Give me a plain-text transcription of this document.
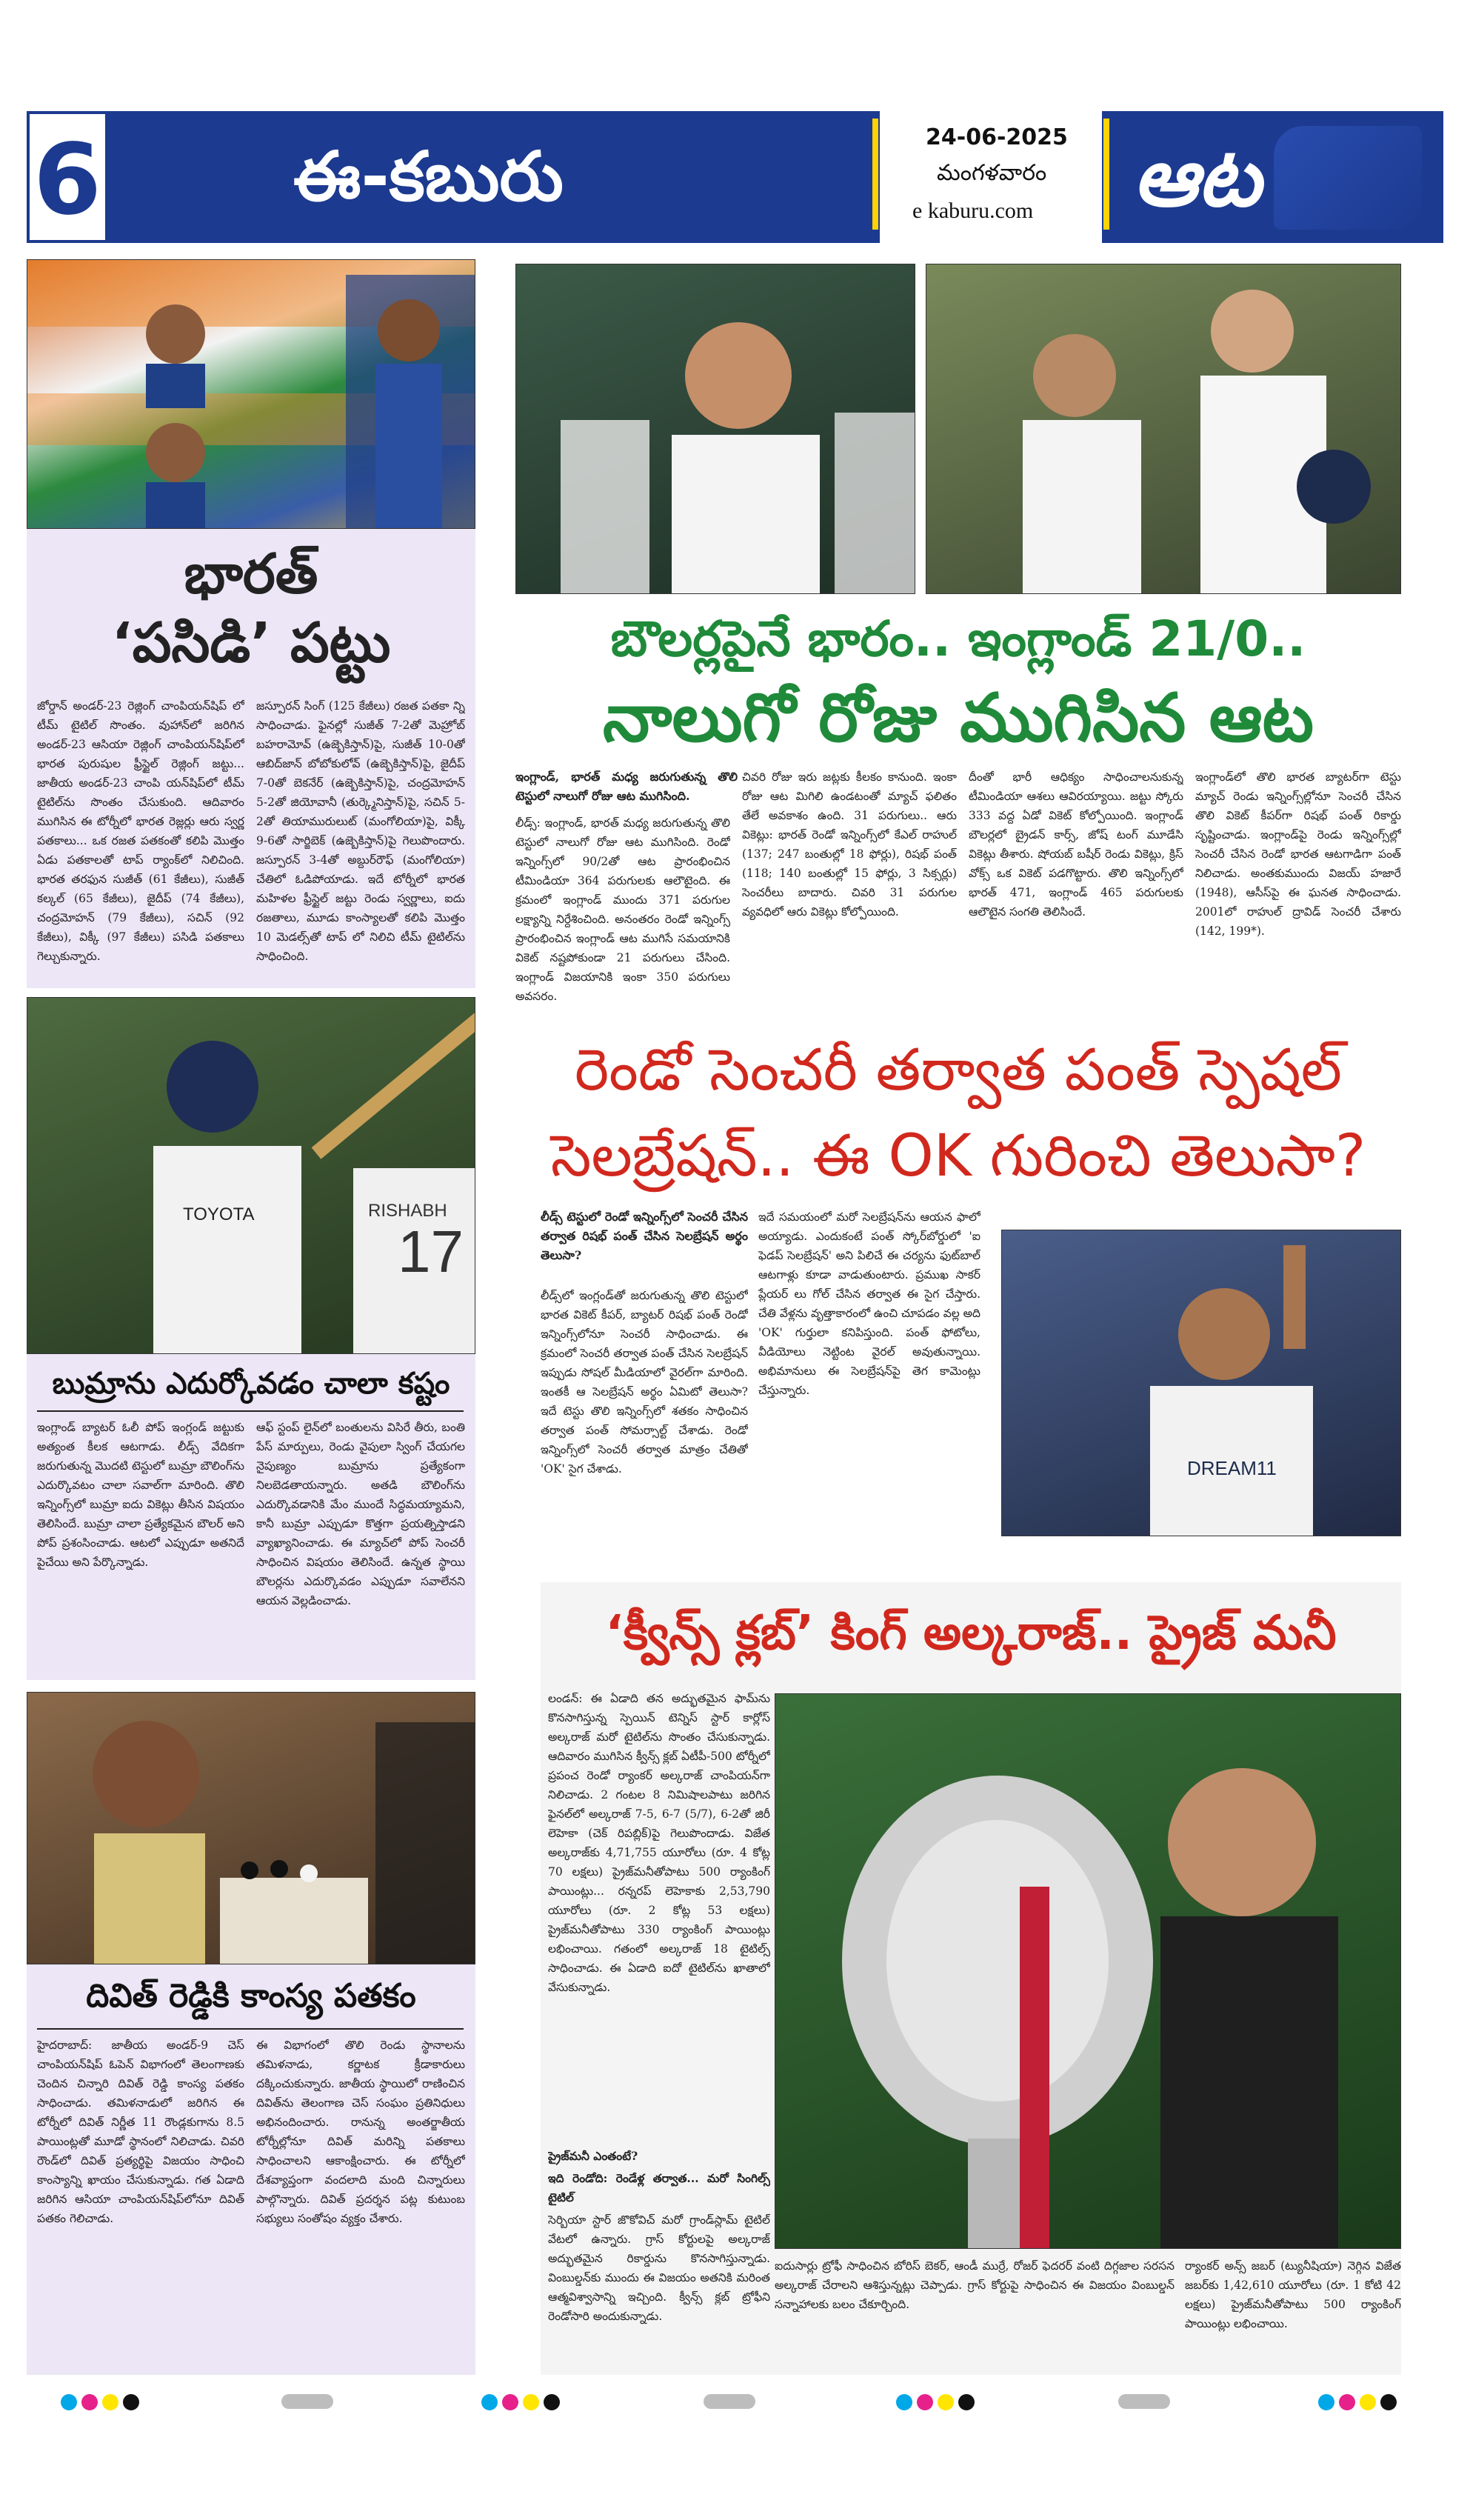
6	ఈ-కబురు	24-06-2025
మంగళవారం
e kaburu.com ఆట
భారత్
‘పసిడి’ పట్టు
జోర్డాన్ ‌అండర్-23 రెజ్లింగ్ చాంపియన్‌షిప్ లో టీమ్ టైటిల్ సొంతం. వుహాన్‌లో జరిగిన అండర్-23 ఆసియా రెజ్లింగ్ చాంపియన్‌షిప్‌లో భారత పురుషుల ఫ్రీస్టైల్ రెజ్లింగ్ జట్టు... జాతీయ అండర్-23 చాంపి యన్‌షిప్‌లో టీమ్ టైటిల్‌ను సొంతం చేసుకుంది. ఆదివారం ముగిసిన ఈ టోర్నీలో భారత రెజ్లర్లు ఆరు స్వర్ణ పతకాలు... ఒక రజత పతకంతో కలిపి మొత్తం ఏడు పతకాలతో టాప్ ర్యాంక్‌లో నిలిచింది. భారత తరఫున సుజీత్ (61 కేజీలు), సుజీత్ కల్కల్ (65 కేజీలు), జైదీప్ (74 కేజీలు), చంద్రమోహన్ (79 కేజీలు), సచిన్ (92 కేజీలు), విక్కీ (97 కేజీలు) పసిడి పతకాలు గెల్చుకున్నారు.
జస్పూరన్ సింగ్ (125 కేజీలు) రజత పతకా న్ని సాధించాడు. ఫైనల్లో సుజీత్ 7-2తో మెహ్రోబ్ బహరామోవ్ (ఉజ్బెకిస్తాన్)పై, సుజీత్ 10-0తో ఆబిద్‌జాన్ బోబోకులోవ్ (ఉజ్బెకిస్తాన్)పై, జైదీప్ 7-0తో బెకనేర్ (ఉజ్బెకిస్తాన్)పై, చంద్రమోహన్ 5-2తో జియోవానీ (తుర్క్మెనిస్తాన్)పై, సచిన్ 5-2తో తియామురులుట్ (మంగోలియా)పై, విక్కీ 9-6తో సార్జిబెక్ (ఉజ్బెకిస్తాన్)పై గెలుపొందారు. జస్పూరన్ 3-4తో అబ్దుర్‌రౌఫ్ (మంగోలియా) చేతిలో ఓడిపోయాడు. ఇదే టోర్నీలో భారత మహిళల ఫ్రీస్టైల్ జట్టు రెండు స్వర్ణాలు, ఐదు రజతాలు, మూడు కాంస్యాలతో కలిపి మొత్తం 10 మెడల్స్‌తో టాప్ లో నిలిచి టీమ్ టైటిల్‌ను సాధించింది.
TOYOTA	RISHABH
17
బుమ్రాను ఎదుర్కోవడం చాలా కష్టం
ఇంగ్లాండ్ బ్యాటర్ ఓలీ పోప్ ఇంగ్లండ్ జట్టుకు అత్యంత కీలక ఆటగాడు. లీడ్స్ వేదికగా జరుగుతున్న మొదటి టెస్టులో బుమ్రా బౌలింగ్‌ను ఎదుర్కొవటం చాలా సవాల్‌గా మారింది. తొలి ఇన్నింగ్స్‌లో బుమ్రా ఐదు వికెట్లు తీసిన విషయం తెలిసిందే. బుమ్రా చాలా ప్రత్యేకమైన బౌలర్ అని పోప్ ప్రశంసించాడు. ఆటలో ఎప్పుడూ అతనిదే పైచేయి అని పేర్కొన్నాడు.
ఆఫ్ స్టంప్ లైన్‌లో బంతులను విసిరే తీరు, బంతి పేస్ మార్పులు, రెండు వైపులా స్వింగ్ చేయగల నైపుణ్యం బుమ్రాను ప్రత్యేకంగా నిలబెడతాయన్నారు. అతడి బౌలింగ్‌ను ఎదుర్కొవడానికి మేం ముందే సిద్ధమయ్యామని, కానీ బుమ్రా ఎప్పుడూ కొత్తగా ప్రయత్నిస్తాడని వ్యాఖ్యానించాడు. ఈ మ్యాచ్‌లో పోప్ సెంచరీ సాధించిన విషయం తెలిసిందే. ఉన్నత స్థాయి బౌలర్లను ఎదుర్కొవడం ఎప్పుడూ సవాలేనని ఆయన వెల్లడించాడు.
దివిత్ రెడ్డికి కాంస్య పతకం
హైదరాబాద్: జాతీయ అండర్-9 చెస్ చాంపియన్‌షిప్ ఓపెన్ విభాగంలో తెలంగాణకు చెందిన చిన్నారి దివిత్ రెడ్డి కాంస్య పతకం సాధించాడు. తమిళనాడులో జరిగిన ఈ టోర్నీలో దివిత్ నిర్ణీత 11 రౌండ్లకుగాను 8.5 పాయింట్లతో మూడో స్థానంలో నిలిచాడు. చివరి రౌండ్‌లో దివిత్ ప్రత్యర్థిపై విజయం సాధించి కాంస్యాన్ని ఖాయం చేసుకున్నాడు. గత ఏడాది జరిగిన ఆసియా చాంపియన్‌షిప్‌లోనూ దివిత్ పతకం గెలిచాడు.
ఈ విభాగంలో తొలి రెండు స్థానాలను తమిళనాడు, కర్ణాటక క్రీడాకారులు దక్కించుకున్నారు. జాతీయ స్థాయిలో రాణించిన దివిత్‌ను తెలంగాణ చెస్ సంఘం ప్రతినిధులు అభినందించారు. రానున్న అంతర్జాతీయ టోర్నీల్లోనూ దివిత్ మరిన్ని పతకాలు సాధించాలని ఆకాంక్షించారు. ఈ టోర్నీలో దేశవ్యాప్తంగా వందలాది మంది చిన్నారులు పాల్గొన్నారు. దివిత్ ప్రదర్శన పట్ల కుటుంబ సభ్యులు సంతోషం వ్యక్తం చేశారు.
బౌలర్లపైనే భారం.. ఇంగ్లాండ్ 21/0..
నాలుగో రోజు ముగిసిన ఆట
ఇంగ్లాండ్, భారత్ మధ్య జరుగుతున్న తొలి టెస్టులో నాలుగో రోజు ఆట ముగిసింది.
లీడ్స్: ఇంగ్లాండ్, భారత్ మధ్య జరుగుతున్న తొలి టెస్టులో నాలుగో రోజు ఆట ముగిసింది. రెండో ఇన్నింగ్స్‌లో 90/2తో ఆట ప్రారంభించిన టీమిండియా 364 పరుగులకు ఆలౌటైంది. ఈ క్రమంలో ఇంగ్లాండ్ ముందు 371 పరుగుల లక్ష్యాన్ని నిర్దేశించింది. అనంతరం రెండో ఇన్నింగ్స్ ప్రారంభించిన ఇంగ్లాండ్ ఆట ముగిసే సమయానికి వికెట్ నష్టపోకుండా 21 పరుగులు చేసింది. ఇంగ్లాండ్ విజయానికి ఇంకా 350 పరుగులు అవసరం.
చివరి రోజు ఇరు జట్లకు కీలకం కానుంది. ఇంకా రోజు ఆట మిగిలి ఉండటంతో మ్యాచ్ ఫలితం తేలే అవకాశం ఉంది. 31 పరుగులు.. ఆరు వికెట్లు: భారత్ రెండో ఇన్నింగ్స్‌లో కేఎల్ రాహుల్ (137; 247 బంతుల్లో 18 ఫోర్లు), రిషభ్ పంత్ (118; 140 బంతుల్లో 15 ఫోర్లు, 3 సిక్సర్లు) సెంచరీలు బాదారు. చివరి 31 పరుగుల వ్యవధిలో ఆరు వికెట్లు కోల్పోయింది.
దీంతో భారీ ఆధిక్యం సాధించాలనుకున్న టీమిండియా ఆశలు ఆవిరయ్యాయి. జట్టు స్కోరు 333 వద్ద ఏడో వికెట్ కోల్పోయింది. ఇంగ్లాండ్ బౌలర్లలో బ్రైడన్ కార్స్, జోష్ టంగ్ మూడేసి వికెట్లు తీశారు. షోయబ్ బషీర్ రెండు వికెట్లు, క్రిస్ వోక్స్ ఒక వికెట్ పడగొట్టారు. తొలి ఇన్నింగ్స్‌లో భారత్ 471, ఇంగ్లాండ్ 465 పరుగులకు ఆలౌటైన సంగతి తెలిసిందే.
ఇంగ్లాండ్‌లో తొలి భారత బ్యాటర్‌గా టెస్టు మ్యాచ్ రెండు ఇన్నింగ్స్‌ల్లోనూ సెంచరీ చేసిన తొలి వికెట్ కీపర్‌గా రిషభ్ పంత్ రికార్డు సృష్టించాడు. ఇంగ్లాండ్‌పై రెండు ఇన్నింగ్స్‌ల్లో సెంచరీ చేసిన రెండో భారత ఆటగాడిగా పంత్ నిలిచాడు. అంతకుముందు విజయ్ హజారే (1948), ఆసీస్‌పై ఈ ఘనత సాధించాడు. 2001లో రాహుల్ ద్రావిడ్ సెంచరీ చేశారు (142, 199*).
రెండో సెంచరీ తర్వాత పంత్ స్పెషల్
సెలబ్రేషన్.. ఈ OK గురించి తెలుసా?
లీడ్స్ టెస్టులో రెండో ఇన్నింగ్స్‌లో సెంచరీ చేసిన తర్వాత రిషభ్ పంత్ చేసిన సెలబ్రేషన్ అర్థం తెలుసా?
లీడ్స్‌లో ఇంగ్లండ్‌తో జరుగుతున్న తొలి టెస్టులో భారత వికెట్ కీపర్, బ్యాటర్ రిషభ్ పంత్ రెండో ఇన్నింగ్స్‌లోనూ సెంచరీ సాధించాడు. ఈ క్రమంలో సెంచరీ తర్వాత పంత్ చేసిన సెలబ్రేషన్ ఇప్పుడు సోషల్ మీడియాలో వైరల్‌గా మారింది. ఇంతకీ ఆ సెలబ్రేషన్ అర్థం ఏమిటో తెలుసా? ఇదే టెస్టు తొలి ఇన్నింగ్స్‌లో శతకం సాధించిన తర్వాత పంత్ సోమర్సాల్ట్ చేశాడు. రెండో ఇన్నింగ్స్‌లో సెంచరీ తర్వాత మాత్రం చేతితో 'OK' సైగ చేశాడు.
ఇదే సమయంలో మరో సెలబ్రేషన్‌ను ఆయన ఫాలో అయ్యాడు. ఎందుకంటే పంత్ స్కోర్‌బోర్డులో 'ఐ ఫెడప్ సెలబ్రేషన్' అని పిలిచే ఈ చర్యను ఫుట్‌బాల్ ఆటగాళ్లు కూడా వాడుతుంటారు. ప్రముఖ సాకర్ ప్లేయర్ లు గోల్ చేసిన తర్వాత ఈ సైగ చేస్తారు. చేతి వేళ్లను వృత్తాకారంలో ఉంచి చూపడం వల్ల అది 'OK' గుర్తులా కనిపిస్తుంది. పంత్ ఫోటోలు, వీడియోలు నెట్టింట వైరల్ అవుతున్నాయి. అభిమానులు ఈ సెలబ్రేషన్‌పై తెగ కామెంట్లు చేస్తున్నారు.
DREAM11
‘క్వీన్స్ క్లబ్’ కింగ్ అల్కరాజ్.. ప్రైజ్ మనీ
లండన్: ఈ ఏడాది తన అద్భుతమైన ఫామ్‌ను కొనసాగిస్తున్న స్పెయిన్ టెన్నిస్ స్టార్ కార్లోస్ అల్కరాజ్ మరో టైటిల్‌ను సొంతం చేసుకున్నాడు. ఆదివారం ముగిసిన క్వీన్స్ క్లబ్ ఏటీపీ-500 టోర్నీలో ప్రపంచ రెండో ర్యాంకర్ అల్కరాజ్ చాంపియన్‌గా నిలిచాడు. 2 గంటల 8 నిమిషాలపాటు జరిగిన ఫైనల్‌లో అల్కరాజ్ 7-5, 6-7 (5/7), 6-2తో జిరీ లెహెకా (చెక్ రిపబ్లిక్)పై గెలుపొందాడు. విజేత అల్కరాజ్‌కు 4,71,755 యూరోలు (రూ. 4 కోట్ల 70 లక్షలు) ప్రైజ్‌మనీతోపాటు 500 ర్యాంకింగ్ పాయింట్లు... రన్నరప్ లెహెకాకు 2,53,790 యూరోలు (రూ. 2 కోట్ల 53 లక్షలు) ప్రైజ్‌మనీతోపాటు 330 ర్యాంకింగ్ పాయింట్లు లభించాయి. గతంలో అల్కరాజ్ 18 టైటిల్స్ సాధించాడు. ఈ ఏడాది ఐదో టైటిల్‌ను ఖాతాలో వేసుకున్నాడు.
ప్రైజ్‌మనీ ఎంతంటే?
ఇది రెండోది: రెండేళ్ల తర్వాత... మరో సింగిల్స్ టైటిల్
సెర్బియా స్టార్ జొకోవిచ్ మరో గ్రాండ్‌స్లామ్ టైటిల్ వేటలో ఉన్నారు. గ్రాస్ కోర్టులపై అల్కరాజ్ అద్భుతమైన రికార్డును కొనసాగిస్తున్నాడు. వింబుల్డన్‌కు ముందు ఈ విజయం అతనికి మరింత ఆత్మవిశ్వాసాన్ని ఇచ్చింది. క్వీన్స్ క్లబ్ ట్రోఫీని రెండోసారి అందుకున్నాడు.
ఐదుసార్లు ట్రోఫీ సాధించిన బోరిస్ బెకర్, ఆండీ ముర్రే, రోజర్ ఫెదరర్ వంటి దిగ్గజాల సరసన అల్కరాజ్ చేరాలని ఆశిస్తున్నట్లు చెప్పాడు. గ్రాస్ కోర్టుపై సాధించిన ఈ విజయం వింబుల్డన్ సన్నాహాలకు బలం చేకూర్చింది.
ర్యాంకర్ అన్స్ జబర్ (ట్యునీషియా) నెగ్గిన విజేత జబర్‌కు 1,42,610 యూరోలు (రూ. 1 కోటి 42 లక్షలు) ప్రైజ్‌మనీతోపాటు 500 ర్యాంకింగ్ పాయింట్లు లభించాయి.
